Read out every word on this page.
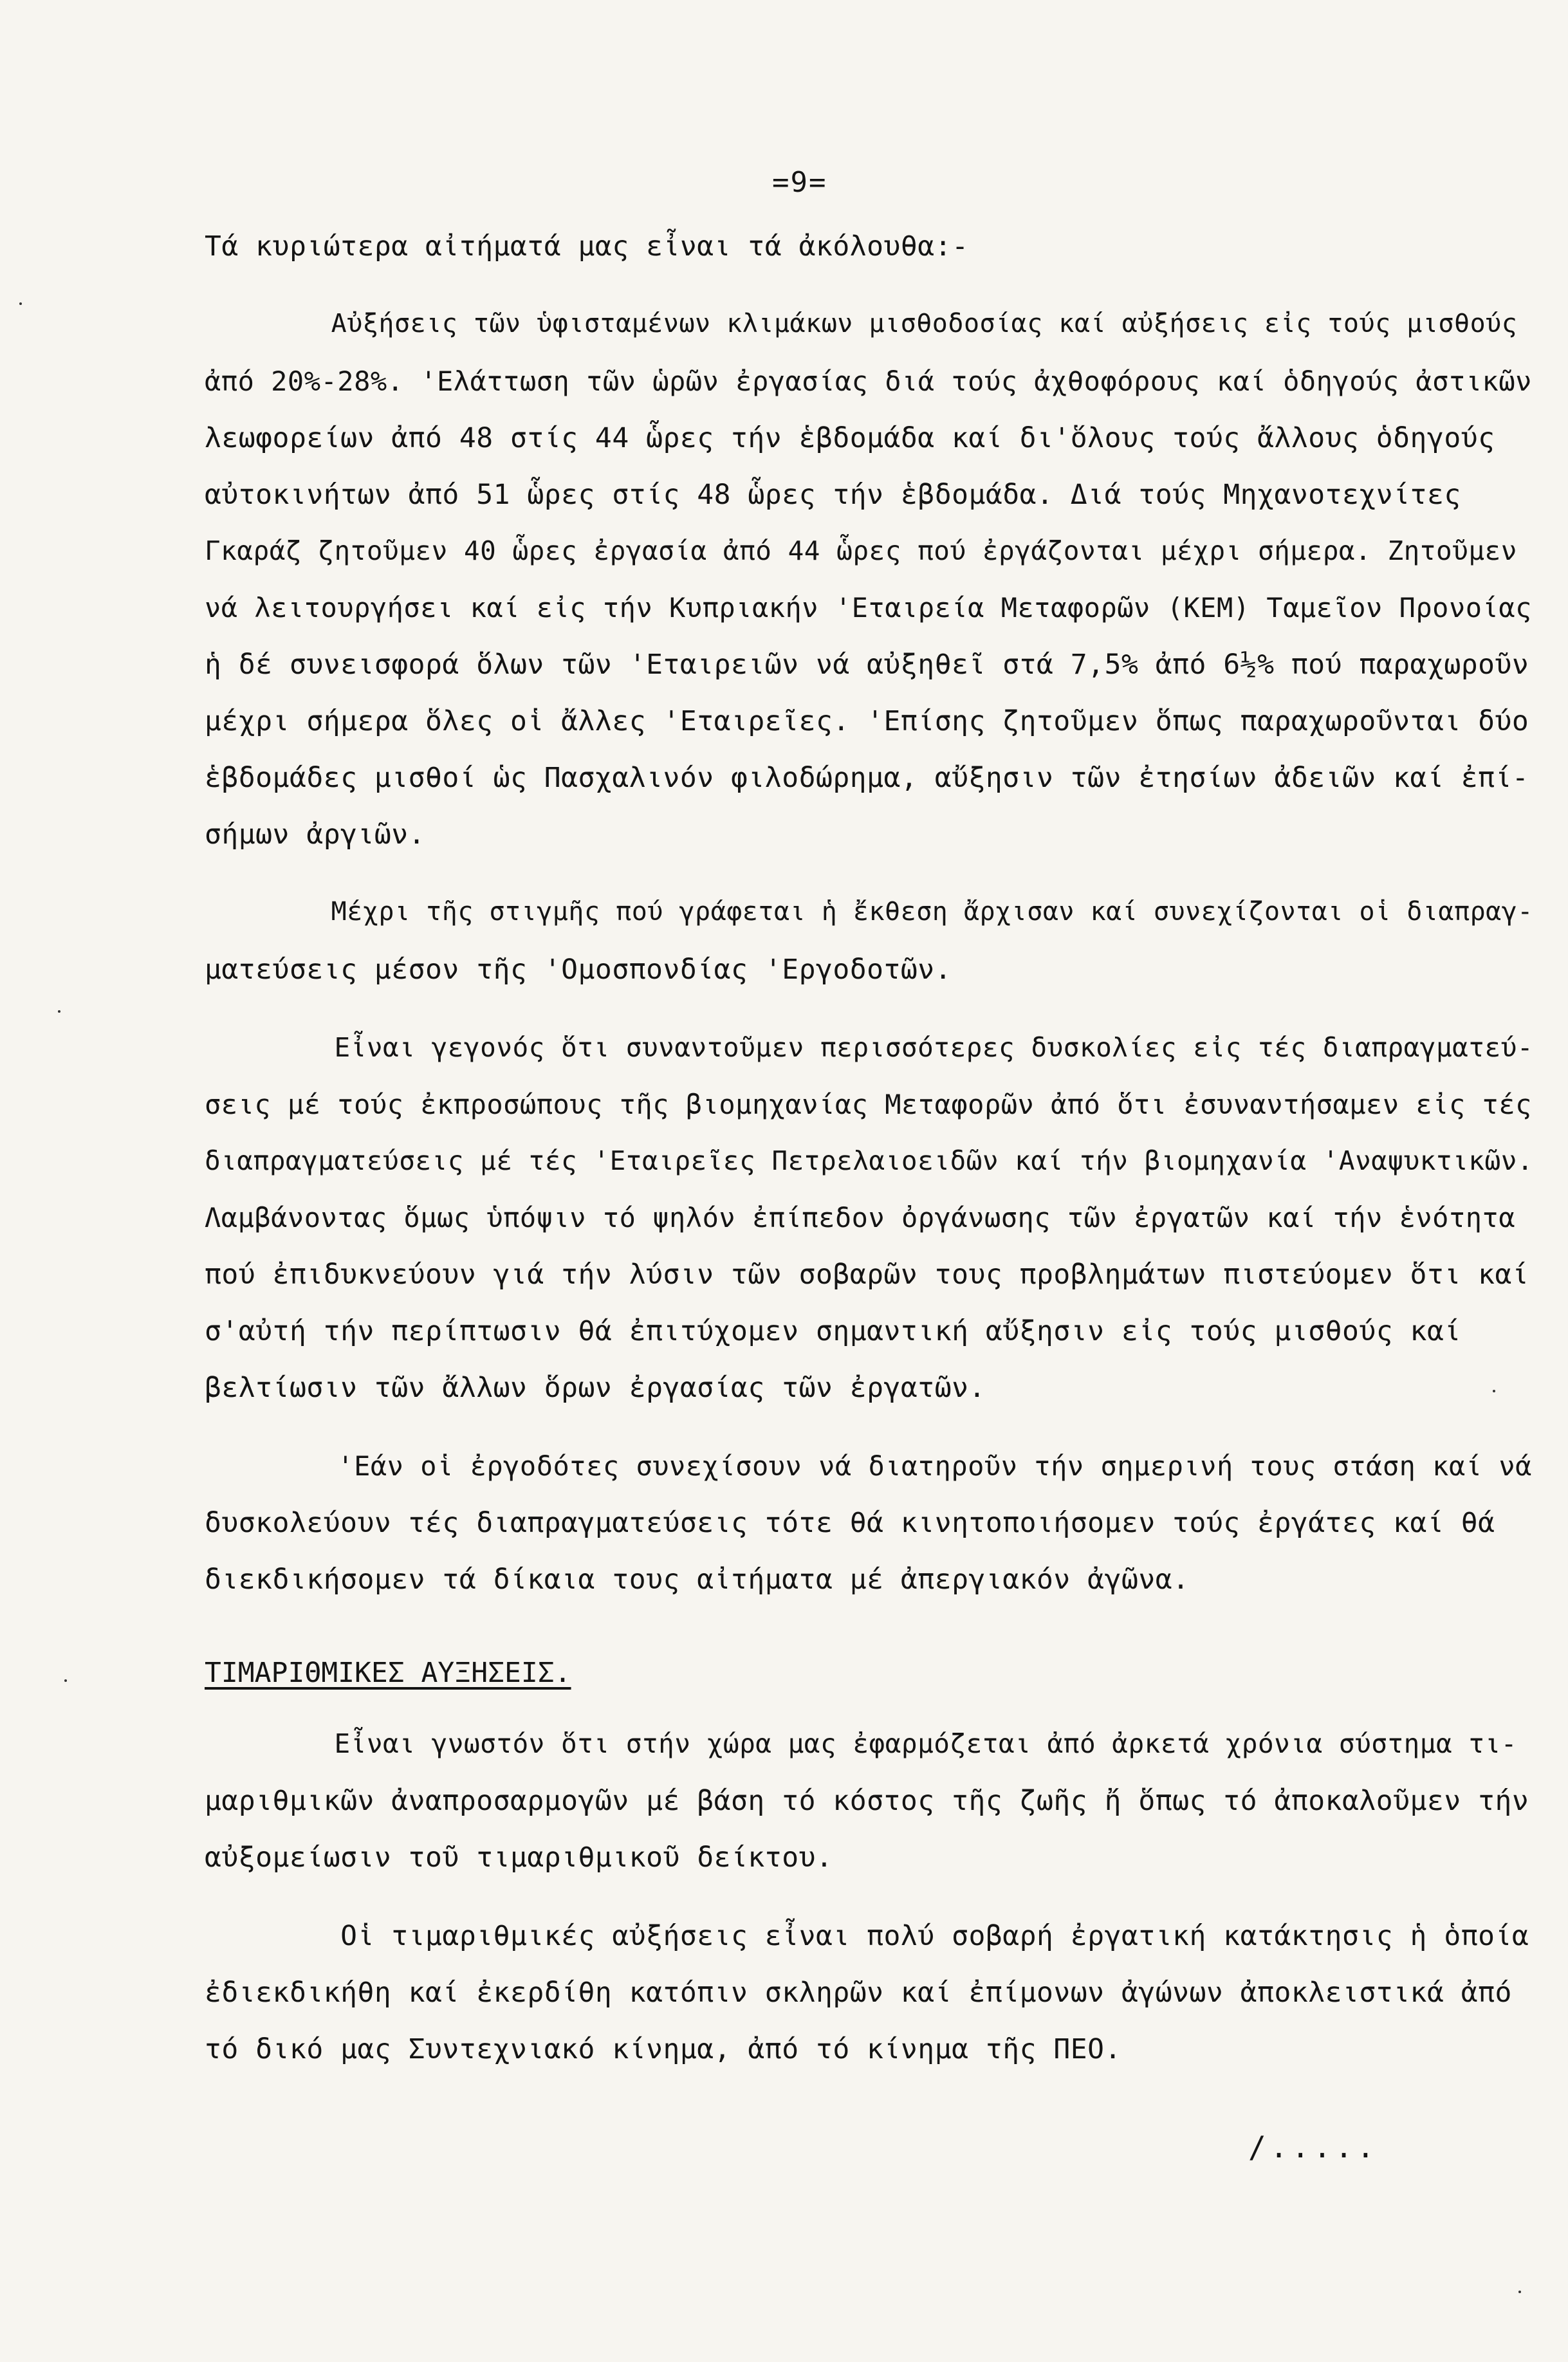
=9=
Τά κυριώτερα αἰτήματά μας εἶναι τά ἀκόλουθα:-
Αὐξήσεις τῶν ὑφισταμένων κλιμάκων μισθοδοσίας καί αὐξήσεις εἰς τούς μισθούς
ἀπό 20%-28%. 'Ελάττωση τῶν ὡρῶν ἐργασίας διά τούς ἀχθοφόρους καί ὁδηγούς ἀστικῶν
λεωφορείων ἀπό 48 στίς 44 ὧρες τήν ἑβδομάδα καί δι'ὅλους τούς ἄλλους ὁδηγούς
αὐτοκινήτων ἀπό 51 ὧρες στίς 48 ὧρες τήν ἑβδομάδα. Διά τούς Μηχανοτεχνίτες
Γκαράζ ζητοῦμεν 40 ὧρες ἐργασία ἀπό 44 ὧρες πού ἐργάζονται μέχρι σήμερα. Ζητοῦμεν
νά λειτουργήσει καί εἰς τήν Κυπριακήν 'Εταιρεία Μεταφορῶν (ΚΕΜ) Ταμεῖον Προνοίας
ἡ δέ συνεισφορά ὅλων τῶν 'Εταιρειῶν νά αὐξηθεῖ στά 7,5% ἀπό 6½% πού παραχωροῦν
μέχρι σήμερα ὅλες οἱ ἄλλες 'Εταιρεῖες. 'Επίσης ζητοῦμεν ὅπως παραχωροῦνται δύο
ἑβδομάδες μισθοί ὡς Πασχαλινόν φιλοδώρημα, αὔξησιν τῶν ἐτησίων ἀδειῶν καί ἐπί-
σήμων ἀργιῶν.
Μέχρι τῆς στιγμῆς πού γράφεται ἡ ἔκθεση ἄρχισαν καί συνεχίζονται οἱ διαπραγ-
ματεύσεις μέσον τῆς 'Ομοσπονδίας 'Εργοδοτῶν.
Εἶναι γεγονός ὅτι συναντοῦμεν περισσότερες δυσκολίες εἰς τές διαπραγματεύ-
σεις μέ τούς ἐκπροσώπους τῆς βιομηχανίας Μεταφορῶν ἀπό ὅτι ἐσυναντήσαμεν εἰς τές
διαπραγματεύσεις μέ τές 'Εταιρεῖες Πετρελαιοειδῶν καί τήν βιομηχανία 'Αναψυκτικῶν.
Λαμβάνοντας ὅμως ὑπόψιν τό ψηλόν ἐπίπεδον ὀργάνωσης τῶν ἐργατῶν καί τήν ἑνότητα
πού ἐπιδυκνεύουν γιά τήν λύσιν τῶν σοβαρῶν τους προβλημάτων πιστεύομεν ὅτι καί
σ'αὐτή τήν περίπτωσιν θά ἐπιτύχομεν σημαντική αὔξησιν εἰς τούς μισθούς καί
βελτίωσιν τῶν ἄλλων ὅρων ἐργασίας τῶν ἐργατῶν.
'Εάν οἱ ἐργοδότες συνεχίσουν νά διατηροῦν τήν σημερινή τους στάση καί νά
δυσκολεύουν τές διαπραγματεύσεις τότε θά κινητοποιήσομεν τούς ἐργάτες καί θά
διεκδικήσομεν τά δίκαια τους αἰτήματα μέ ἀπεργιακόν ἀγῶνα.
ΤΙΜΑΡΙΘΜΙΚΕΣ ΑΥΞΗΣΕΙΣ.
Εἶναι γνωστόν ὅτι στήν χώρα μας ἐφαρμόζεται ἀπό ἀρκετά χρόνια σύστημα τι-
μαριθμικῶν ἀναπροσαρμογῶν μέ βάση τό κόστος τῆς ζωῆς ἤ ὅπως τό ἀποκαλοῦμεν τήν
αὐξομείωσιν τοῦ τιμαριθμικοῦ δείκτου.
Οἱ τιμαριθμικές αὐξήσεις εἶναι πολύ σοβαρή ἐργατική κατάκτησις ἡ ὁποία
ἐδιεκδικήθη καί ἐκερδίθη κατόπιν σκληρῶν καί ἐπίμονων ἀγώνων ἀποκλειστικά ἀπό
τό δικό μας Συντεχνιακό κίνημα, ἀπό τό κίνημα τῆς ΠΕΟ.
/.....
